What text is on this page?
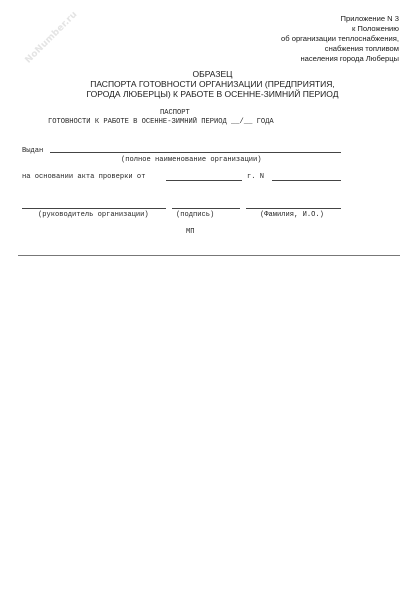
NoNumber.ru	Приложение N 3
к Положению
об организации теплоснабжения,
снабжения топливом
населения города Люберцы
ОБРАЗЕЦ
ПАСПОРТА ГОТОВНОСТИ ОРГАНИЗАЦИИ (ПРЕДПРИЯТИЯ,
ГОРОДА ЛЮБЕРЦЫ) К РАБОТЕ В ОСЕННЕ-ЗИМНИЙ ПЕРИОД
ПАСПОРТ
ГОТОВНОСТИ К РАБОТЕ В ОСЕННЕ-ЗИМНИЙ ПЕРИОД __/__ ГОДА
Выдан
(полное наименование организации)
на основании акта проверки от	г. N
(руководитель организации)	(подпись)	(Фамилия, И.О.)
МП
